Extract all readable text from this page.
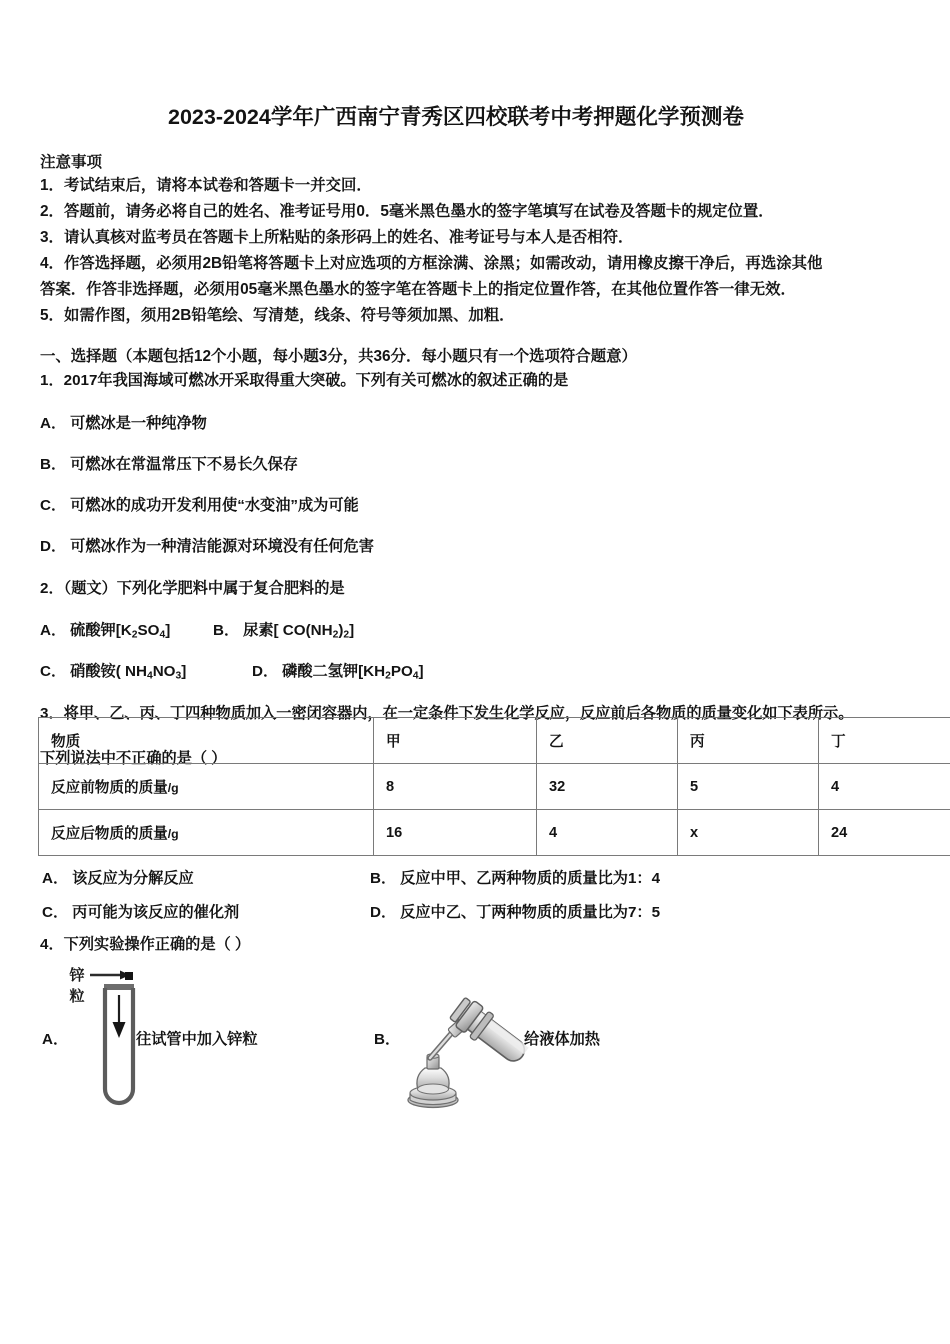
2023-2024学年广西南宁青秀区四校联考中考押题化学预测卷
注意事项
1．考试结束后，请将本试卷和答题卡一并交回．
2．答题前，请务必将自己的姓名、准考证号用0．5毫米黑色墨水的签字笔填写在试卷及答题卡的规定位置．
3．请认真核对监考员在答题卡上所粘贴的条形码上的姓名、准考证号与本人是否相符．
4．作答选择题，必须用2B铅笔将答题卡上对应选项的方框涂满、涂黑；如需改动，请用橡皮擦干净后，再选涂其他
答案．作答非选择题，必须用05毫米黑色墨水的签字笔在答题卡上的指定位置作答，在其他位置作答一律无效．
5．如需作图，须用2B铅笔绘、写清楚，线条、符号等须加黑、加粗．
一、选择题（本题包括12个小题，每小题3分，共36分．每小题只有一个选项符合题意）
1．2017年我国海域可燃冰开采取得重大突破。下列有关可燃冰的叙述正确的是
A． 可燃冰是一种纯净物
B． 可燃冰在常温常压下不易长久保存
C． 可燃冰的成功开发利用使“水变油”成为可能
D． 可燃冰作为一种清洁能源对环境没有任何危害
2．（题文）下列化学肥料中属于复合肥料的是
A． 硫酸钾$[K_2SO_4]$	B． 尿素[ $CO(NH_2)_2$]
C． 硝酸铵( $NH_4NO_3$]	D． 磷酸二氢钾$[KH_2PO_4]$
3．将甲、乙、丙、丁四种物质加入一密闭容器内，在一定条件下发生化学反应，反应前后各物质的质量变化如下表所示。
下列说法中不正确的是（ ）
物质	甲	乙	丙	丁
反应前物质的质量/g	8	32	5	4
反应后物质的质量/g	16	4	x	24
A． 该反应为分解反应	B． 反应中甲、乙两种物质的质量比为1：4
C． 丙可能为该反应的催化剂	D． 反应中乙、丁两种物质的质量比为7：5
4．下列实验操作正确的是（ ）
锌粒
A．	往试管中加入锌粒	B．	给液体加热
